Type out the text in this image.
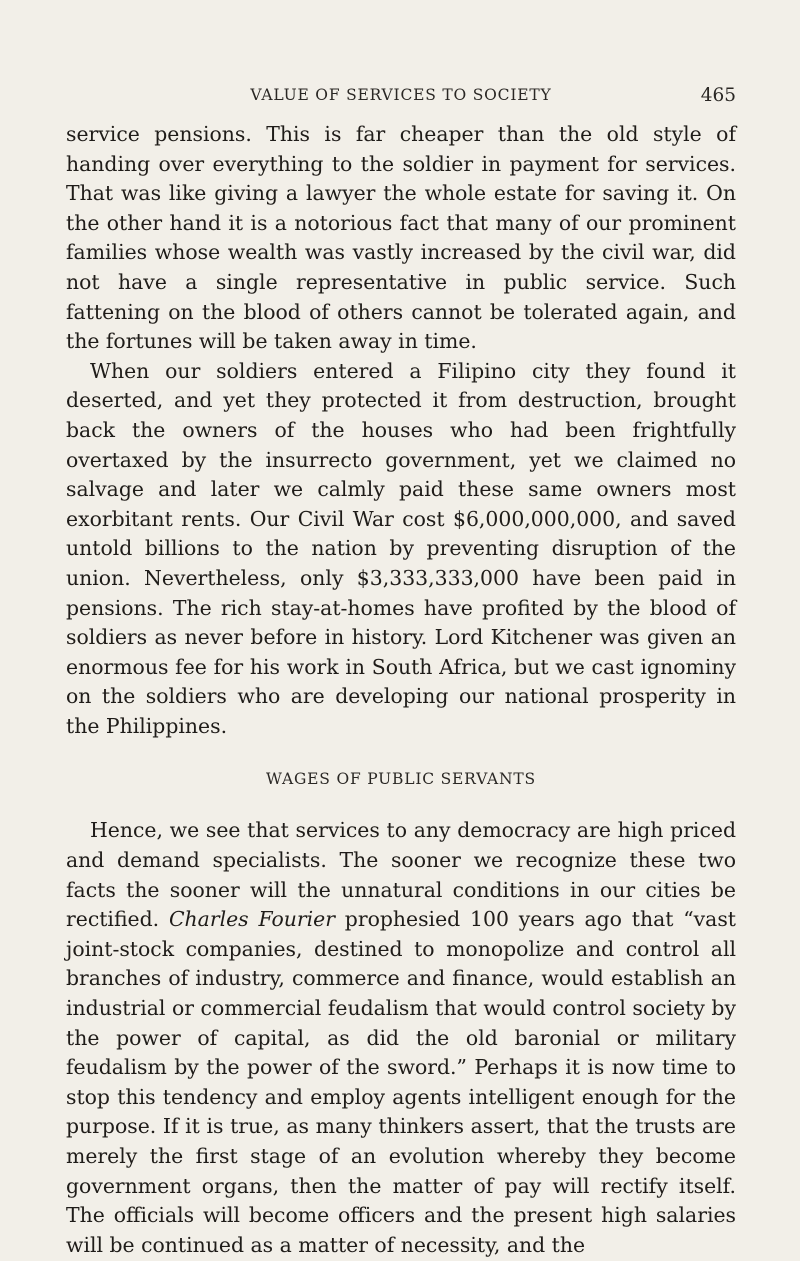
VALUE OF SERVICES TO SOCIETY	465

service pensions. This is far cheaper than the old style of handing over everything to the soldier in payment for services. That was like giving a lawyer the whole estate for saving it. On the other hand it is a notorious fact that many of our prominent families whose wealth was vastly increased by the civil war, did not have a single representative in public service. Such fattening on the blood of others cannot be tolerated again, and the fortunes will be taken away in time.

When our soldiers entered a Filipino city they found it deserted, and yet they protected it from destruction, brought back the owners of the houses who had been frightfully overtaxed by the insurrecto government, yet we claimed no salvage and later we calmly paid these same owners most exorbitant rents. Our Civil War cost $6,000,000,000, and saved untold billions to the nation by preventing disruption of the union. Nevertheless, only $3,333,333,000 have been paid in pensions. The rich stay-at-homes have profited by the blood of soldiers as never before in history. Lord Kitchener was given an enormous fee for his work in South Africa, but we cast ignominy on the soldiers who are developing our national prosperity in the Philippines.

WAGES OF PUBLIC SERVANTS

Hence, we see that services to any democracy are high priced and demand specialists. The sooner we recognize these two facts the sooner will the unnatural conditions in our cities be rectified. Charles Fourier prophesied 100 years ago that “vast joint-stock companies, destined to monopolize and control all branches of industry, commerce and finance, would establish an industrial or commercial feudalism that would control society by the power of capital, as did the old baronial or military feudalism by the power of the sword.” Perhaps it is now time to stop this tendency and employ agents intelligent enough for the purpose. If it is true, as many thinkers assert, that the trusts are merely the first stage of an evolution whereby they become government organs, then the matter of pay will rectify itself. The officials will become officers and the present high salaries will be continued as a matter of necessity, and the
